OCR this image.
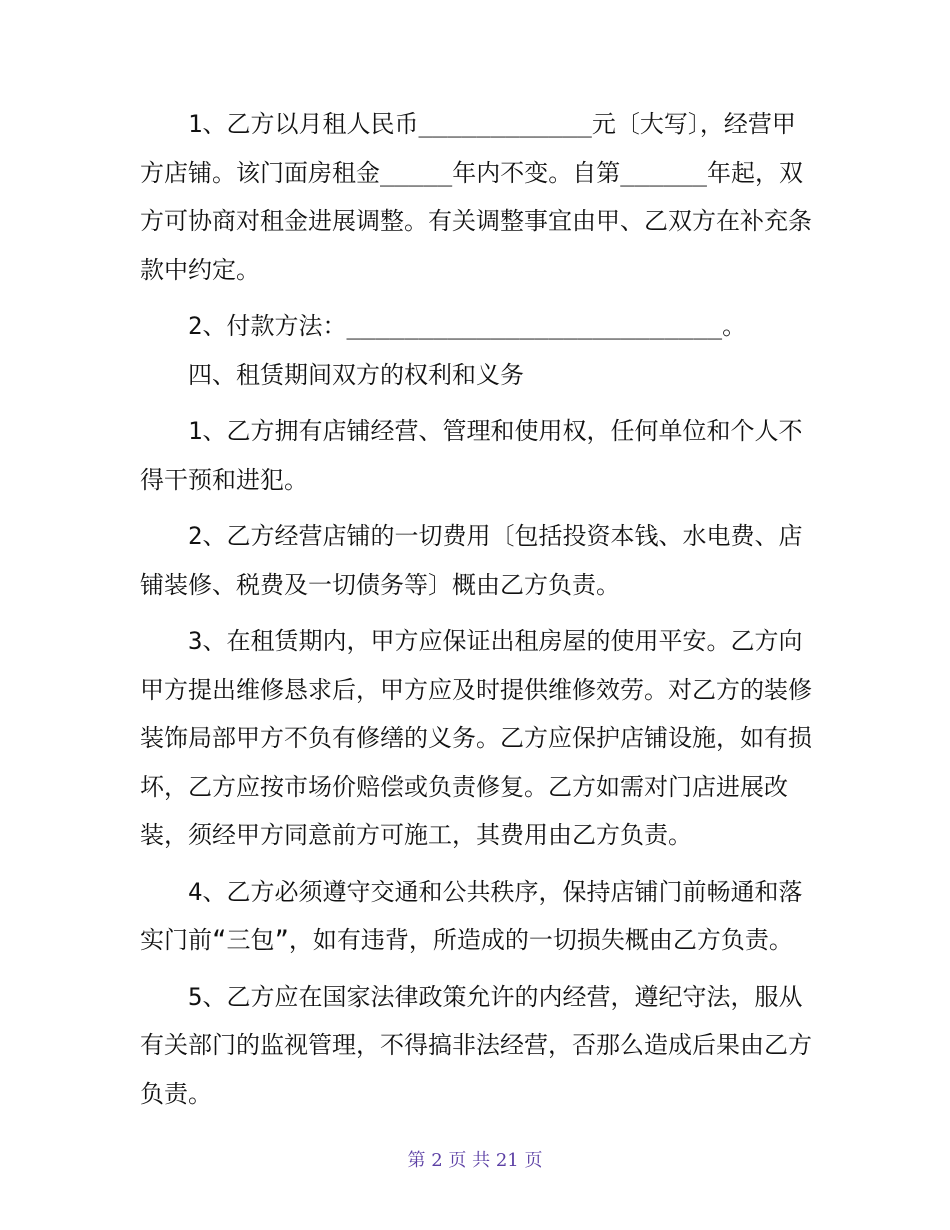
1、乙方以月租人民币____________元〔大写〕，经营甲方店铺。该门面房租金_____年内不变。自第______年起，双方可协商对租金进展调整。有关调整事宜由甲、乙双方在补充条款中约定。

2、付款方法：__________________________。

四、租赁期间双方的权利和义务

1、乙方拥有店铺经营、管理和使用权，任何单位和个人不得干预和进犯。

2、乙方经营店铺的一切费用〔包括投资本钱、水电费、店铺装修、税费及一切债务等〕概由乙方负责。

3、在租赁期内，甲方应保证出租房屋的使用平安。乙方向甲方提出维修恳求后，甲方应及时提供维修效劳。对乙方的装修装饰局部甲方不负有修缮的义务。乙方应保护店铺设施，如有损坏，乙方应按市场价赔偿或负责修复。乙方如需对门店进展改装，须经甲方同意前方可施工，其费用由乙方负责。

4、乙方必须遵守交通和公共秩序，保持店铺门前畅通和落实门前“三包”，如有违背，所造成的一切损失概由乙方负责。

5、乙方应在国家法律政策允许的内经营，遵纪守法，服从有关部门的监视管理，不得搞非法经营，否那么造成后果由乙方负责。

第 2 页 共 21 页
